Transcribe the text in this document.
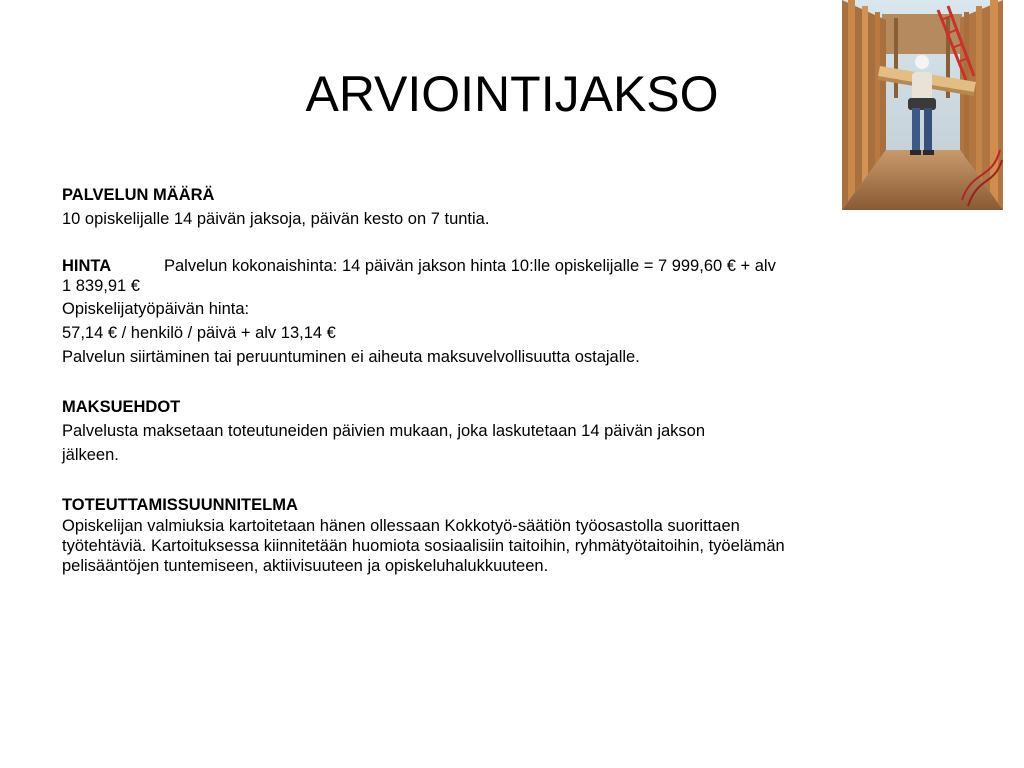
ARVIOINTIJAKSO
PALVELUN MÄÄRÄ
10 opiskelijalle 14 päivän jaksoja, päivän kesto on 7 tuntia.
HINTA	Palvelun kokonaishinta: 14 päivän jakson hinta 10:lle opiskelijalle = 7 999,60 € + alv
1 839,91 €
Opiskelijatyöpäivän hinta:
57,14 € / henkilö / päivä + alv 13,14 €
Palvelun siirtäminen tai peruuntuminen ei aiheuta maksuvelvollisuutta ostajalle.
MAKSUEHDOT
Palvelusta maksetaan toteutuneiden päivien mukaan, joka laskutetaan 14 päivän jakson
jälkeen.
TOTEUTTAMISSUUNNITELMA
Opiskelijan valmiuksia kartoitetaan hänen ollessaan Kokkotyö-säätiön työosastolla suorittaen
työtehtäviä. Kartoituksessa kiinnitetään huomiota sosiaalisiin taitoihin, ryhmätyötaitoihin, työelämän
pelisääntöjen tuntemiseen, aktiivisuuteen ja opiskeluhalukkuuteen.
